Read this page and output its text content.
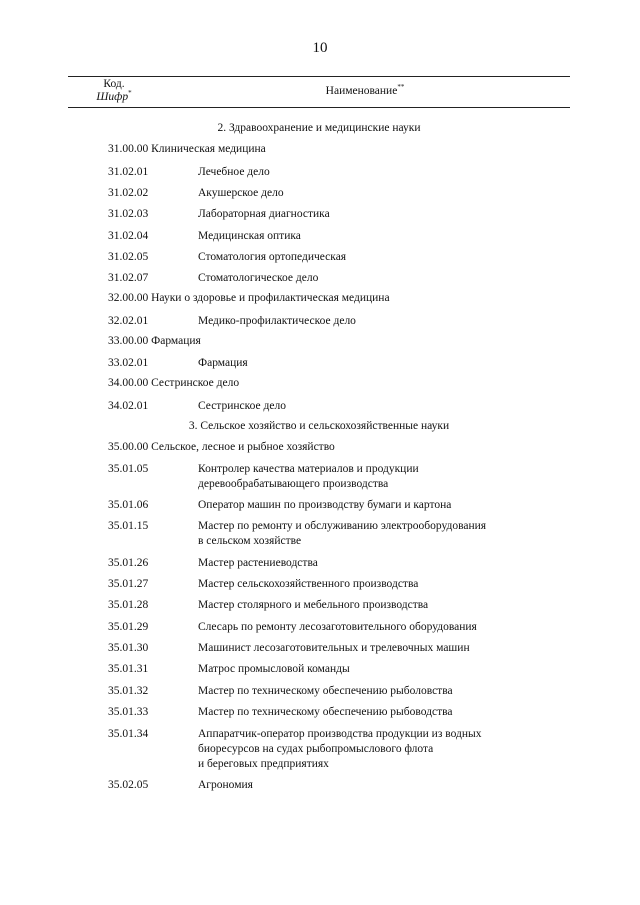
10
Код.
Шифр*	Наименование**
2. Здравоохранение и медицинские науки
31.00.00 Клиническая медицина
31.02.01	Лечебное дело
31.02.02	Акушерское дело
31.02.03	Лабораторная диагностика
31.02.04	Медицинская оптика
31.02.05	Стоматология ортопедическая
31.02.07	Стоматологическое дело
32.00.00 Науки о здоровье и профилактическая медицина
32.02.01	Медико-профилактическое дело
33.00.00 Фармация
33.02.01	Фармация
34.00.00 Сестринское дело
34.02.01	Сестринское дело
3. Сельское хозяйство и сельскохозяйственные науки
35.00.00 Сельское, лесное и рыбное хозяйство
35.01.05	Контролер качества материалов и продукции
деревообрабатывающего производства
35.01.06	Оператор машин по производству бумаги и картона
35.01.15	Мастер по ремонту и обслуживанию электрооборудования
в сельском хозяйстве
35.01.26	Мастер растениеводства
35.01.27	Мастер сельскохозяйственного производства
35.01.28	Мастер столярного и мебельного производства
35.01.29	Слесарь по ремонту лесозаготовительного оборудования
35.01.30	Машинист лесозаготовительных и трелевочных машин
35.01.31	Матрос промысловой команды
35.01.32	Мастер по техническому обеспечению рыболовства
35.01.33	Мастер по техническому обеспечению рыбоводства
35.01.34	Аппаратчик-оператор производства продукции из водных
биоресурсов на судах рыбопромыслового флота
и береговых предприятиях
35.02.05	Агрономия
